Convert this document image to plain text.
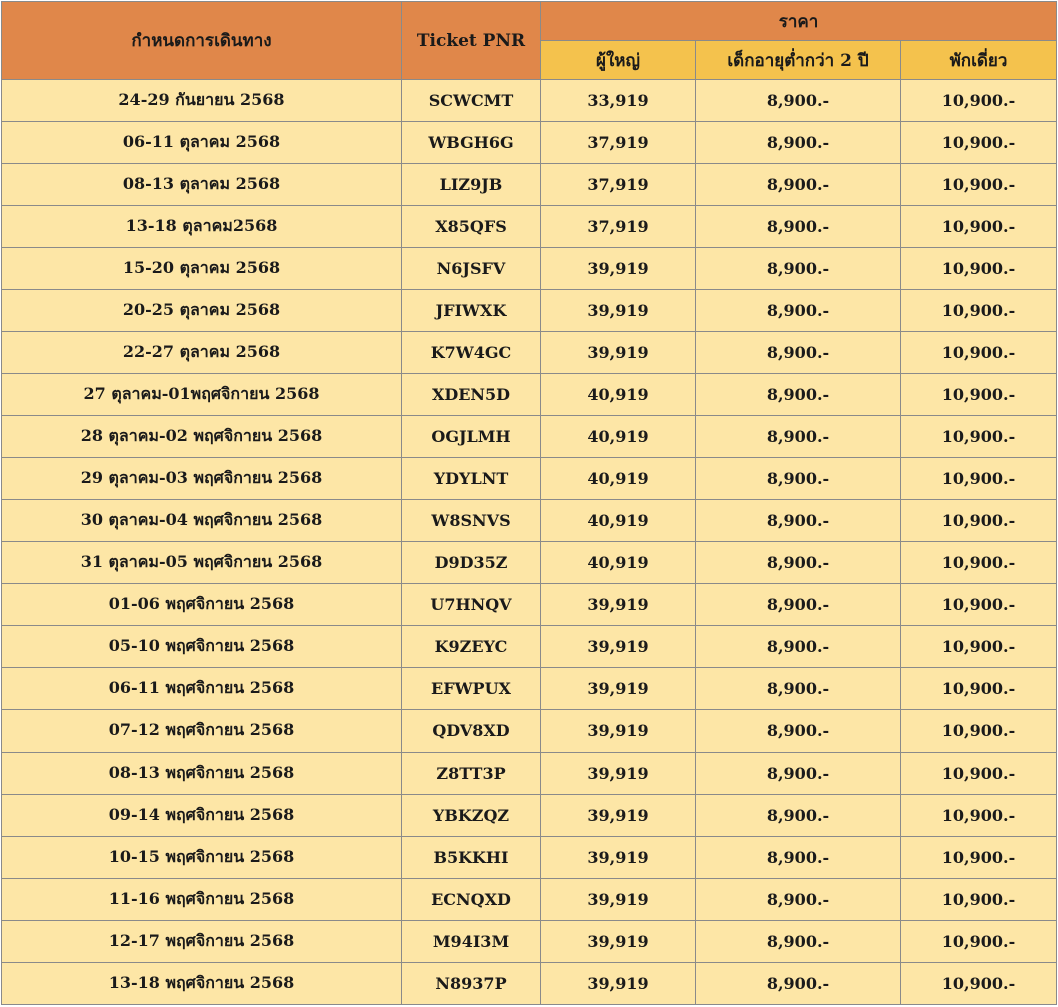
กำหนดการเดินทาง	Ticket PNR	ราคา		
		ผู้ใหญ่	เด็กอายุต่ำกว่า 2 ปี	พักเดี่ยว
24-29 กันยายน 2568	SCWCMT	33,919	8,900.-	10,900.-
06-11 ตุลาคม 2568	WBGH6G	37,919	8,900.-	10,900.-
08-13 ตุลาคม 2568	LIZ9JB	37,919	8,900.-	10,900.-
13-18 ตุลาคม2568	X85QFS	37,919	8,900.-	10,900.-
15-20 ตุลาคม 2568	N6JSFV	39,919	8,900.-	10,900.-
20-25 ตุลาคม 2568	JFIWXK	39,919	8,900.-	10,900.-
22-27 ตุลาคม 2568	K7W4GC	39,919	8,900.-	10,900.-
27 ตุลาคม-01พฤศจิกายน 2568	XDEN5D	40,919	8,900.-	10,900.-
28 ตุลาคม-02 พฤศจิกายน 2568	OGJLMH	40,919	8,900.-	10,900.-
29 ตุลาคม-03 พฤศจิกายน 2568	YDYLNT	40,919	8,900.-	10,900.-
30 ตุลาคม-04 พฤศจิกายน 2568	W8SNVS	40,919	8,900.-	10,900.-
31 ตุลาคม-05 พฤศจิกายน 2568	D9D35Z	40,919	8,900.-	10,900.-
01-06 พฤศจิกายน 2568	U7HNQV	39,919	8,900.-	10,900.-
05-10 พฤศจิกายน 2568	K9ZEYC	39,919	8,900.-	10,900.-
06-11 พฤศจิกายน 2568	EFWPUX	39,919	8,900.-	10,900.-
07-12 พฤศจิกายน 2568	QDV8XD	39,919	8,900.-	10,900.-
08-13 พฤศจิกายน 2568	Z8TT3P	39,919	8,900.-	10,900.-
09-14 พฤศจิกายน 2568	YBKZQZ	39,919	8,900.-	10,900.-
10-15 พฤศจิกายน 2568	B5KKHI	39,919	8,900.-	10,900.-
11-16 พฤศจิกายน 2568	ECNQXD	39,919	8,900.-	10,900.-
12-17 พฤศจิกายน 2568	M94I3M	39,919	8,900.-	10,900.-
13-18 พฤศจิกายน 2568	N8937P	39,919	8,900.-	10,900.-
